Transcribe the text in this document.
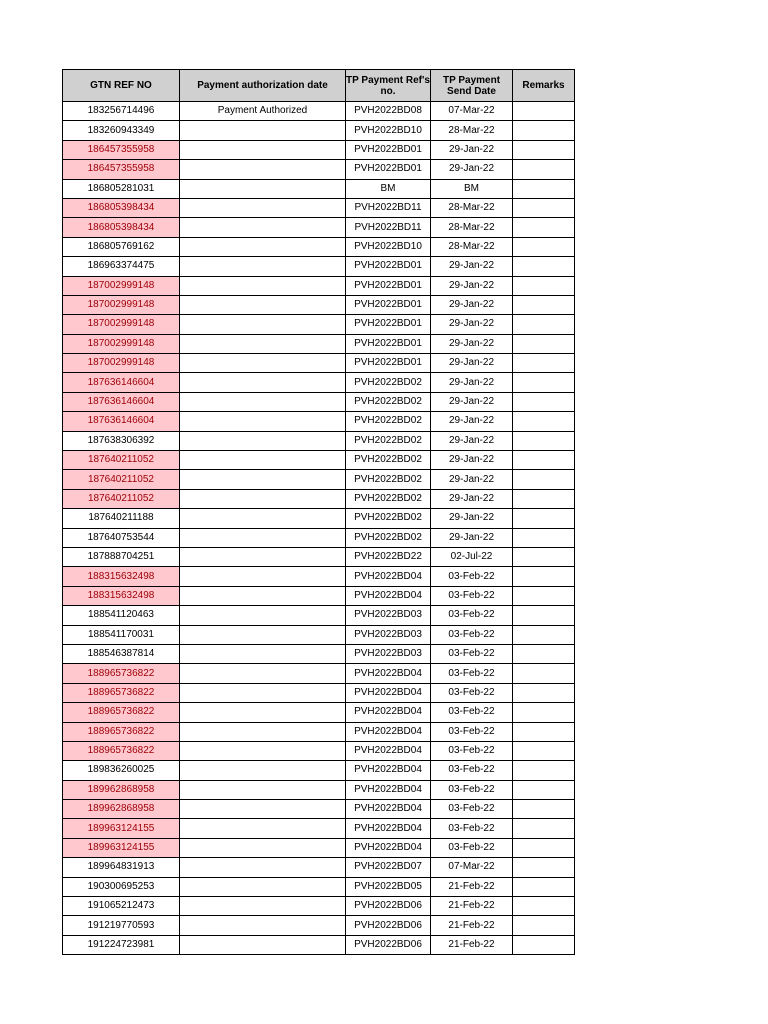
GTN REF NO	Payment authorization date	TP Payment Ref's no.	TP Payment Send Date	Remarks
183256714496	Payment Authorized	PVH2022BD08	07-Mar-22	
183260943349		PVH2022BD10	28-Mar-22	
186457355958		PVH2022BD01	29-Jan-22	
186457355958		PVH2022BD01	29-Jan-22	
186805281031		BM	BM	
186805398434		PVH2022BD11	28-Mar-22	
186805398434		PVH2022BD11	28-Mar-22	
186805769162		PVH2022BD10	28-Mar-22	
186963374475		PVH2022BD01	29-Jan-22	
187002999148		PVH2022BD01	29-Jan-22	
187002999148		PVH2022BD01	29-Jan-22	
187002999148		PVH2022BD01	29-Jan-22	
187002999148		PVH2022BD01	29-Jan-22	
187002999148		PVH2022BD01	29-Jan-22	
187636146604		PVH2022BD02	29-Jan-22	
187636146604		PVH2022BD02	29-Jan-22	
187636146604		PVH2022BD02	29-Jan-22	
187638306392		PVH2022BD02	29-Jan-22	
187640211052		PVH2022BD02	29-Jan-22	
187640211052		PVH2022BD02	29-Jan-22	
187640211052		PVH2022BD02	29-Jan-22	
187640211188		PVH2022BD02	29-Jan-22	
187640753544		PVH2022BD02	29-Jan-22	
187888704251		PVH2022BD22	02-Jul-22	
188315632498		PVH2022BD04	03-Feb-22	
188315632498		PVH2022BD04	03-Feb-22	
188541120463		PVH2022BD03	03-Feb-22	
188541170031		PVH2022BD03	03-Feb-22	
188546387814		PVH2022BD03	03-Feb-22	
188965736822		PVH2022BD04	03-Feb-22	
188965736822		PVH2022BD04	03-Feb-22	
188965736822		PVH2022BD04	03-Feb-22	
188965736822		PVH2022BD04	03-Feb-22	
188965736822		PVH2022BD04	03-Feb-22	
189836260025		PVH2022BD04	03-Feb-22	
189962868958		PVH2022BD04	03-Feb-22	
189962868958		PVH2022BD04	03-Feb-22	
189963124155		PVH2022BD04	03-Feb-22	
189963124155		PVH2022BD04	03-Feb-22	
189964831913		PVH2022BD07	07-Mar-22	
190300695253		PVH2022BD05	21-Feb-22	
191065212473		PVH2022BD06	21-Feb-22	
191219770593		PVH2022BD06	21-Feb-22	
191224723981		PVH2022BD06	21-Feb-22	
